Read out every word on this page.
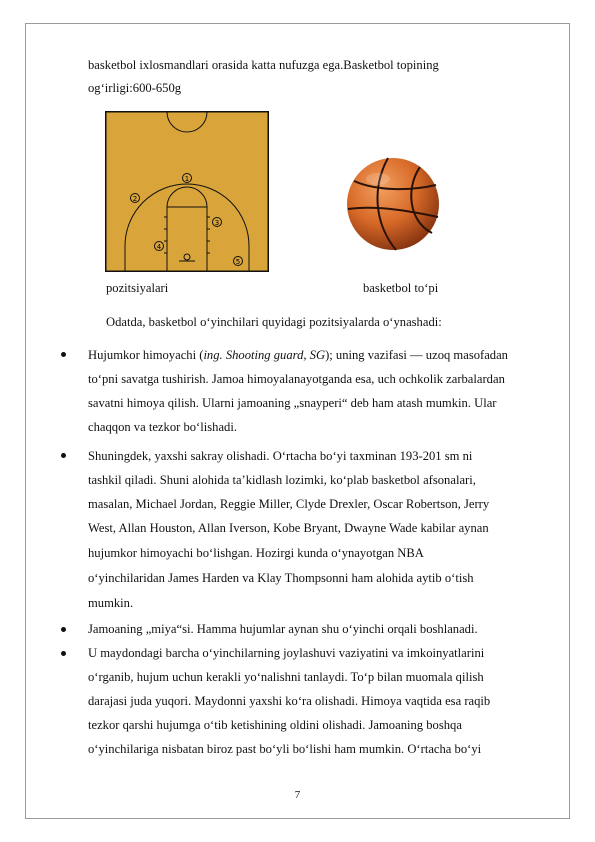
basketbol ixlosmandlari orasida katta nufuzga ega.Basketbol topining
og‘irligi:600-650g
1
2
3
4
5
pozitsiyalari	basketbol to‘pi
Odatda, basketbol o‘yinchilari quyidagi pozitsiyalarda o‘ynashadi:
Hujumkor himoyachi (ing. Shooting guard, SG); uning vazifasi — uzoq masofadan
to‘pni savatga tushirish. Jamoa himoyalanayotganda esa, uch ochkolik zarbalardan
savatni himoya qilish. Ularni jamoaning „snayperi“ deb ham atash mumkin. Ular
chaqqon va tezkor bo‘lishadi.
Shuningdek, yaxshi sakray olishadi. O‘rtacha bo‘yi taxminan 193-201 sm ni
tashkil qiladi. Shuni alohida ta’kidlash lozimki, ko‘plab basketbol afsonalari,
masalan, Michael Jordan, Reggie Miller, Clyde Drexler, Oscar Robertson, Jerry
West, Allan Houston, Allan Iverson, Kobe Bryant, Dwayne Wade kabilar aynan
hujumkor himoyachi bo‘lishgan. Hozirgi kunda o‘ynayotgan NBA
o‘yinchilaridan James Harden va Klay Thompsonni ham alohida aytib o‘tish
mumkin.
Jamoaning „miya“si. Hamma hujumlar aynan shu o‘yinchi orqali boshlanadi.
U maydondagi barcha o‘yinchilarning joylashuvi vaziyatini va imkoinyatlarini
o‘rganib, hujum uchun kerakli yo‘nalishni tanlaydi. To‘p bilan muomala qilish
darajasi juda yuqori. Maydonni yaxshi ko‘ra olishadi. Himoya vaqtida esa raqib
tezkor qarshi hujumga o‘tib ketishining oldini olishadi. Jamoaning boshqa
o‘yinchilariga nisbatan biroz past bo‘yli bo‘lishi ham mumkin. O‘rtacha bo‘yi
7
